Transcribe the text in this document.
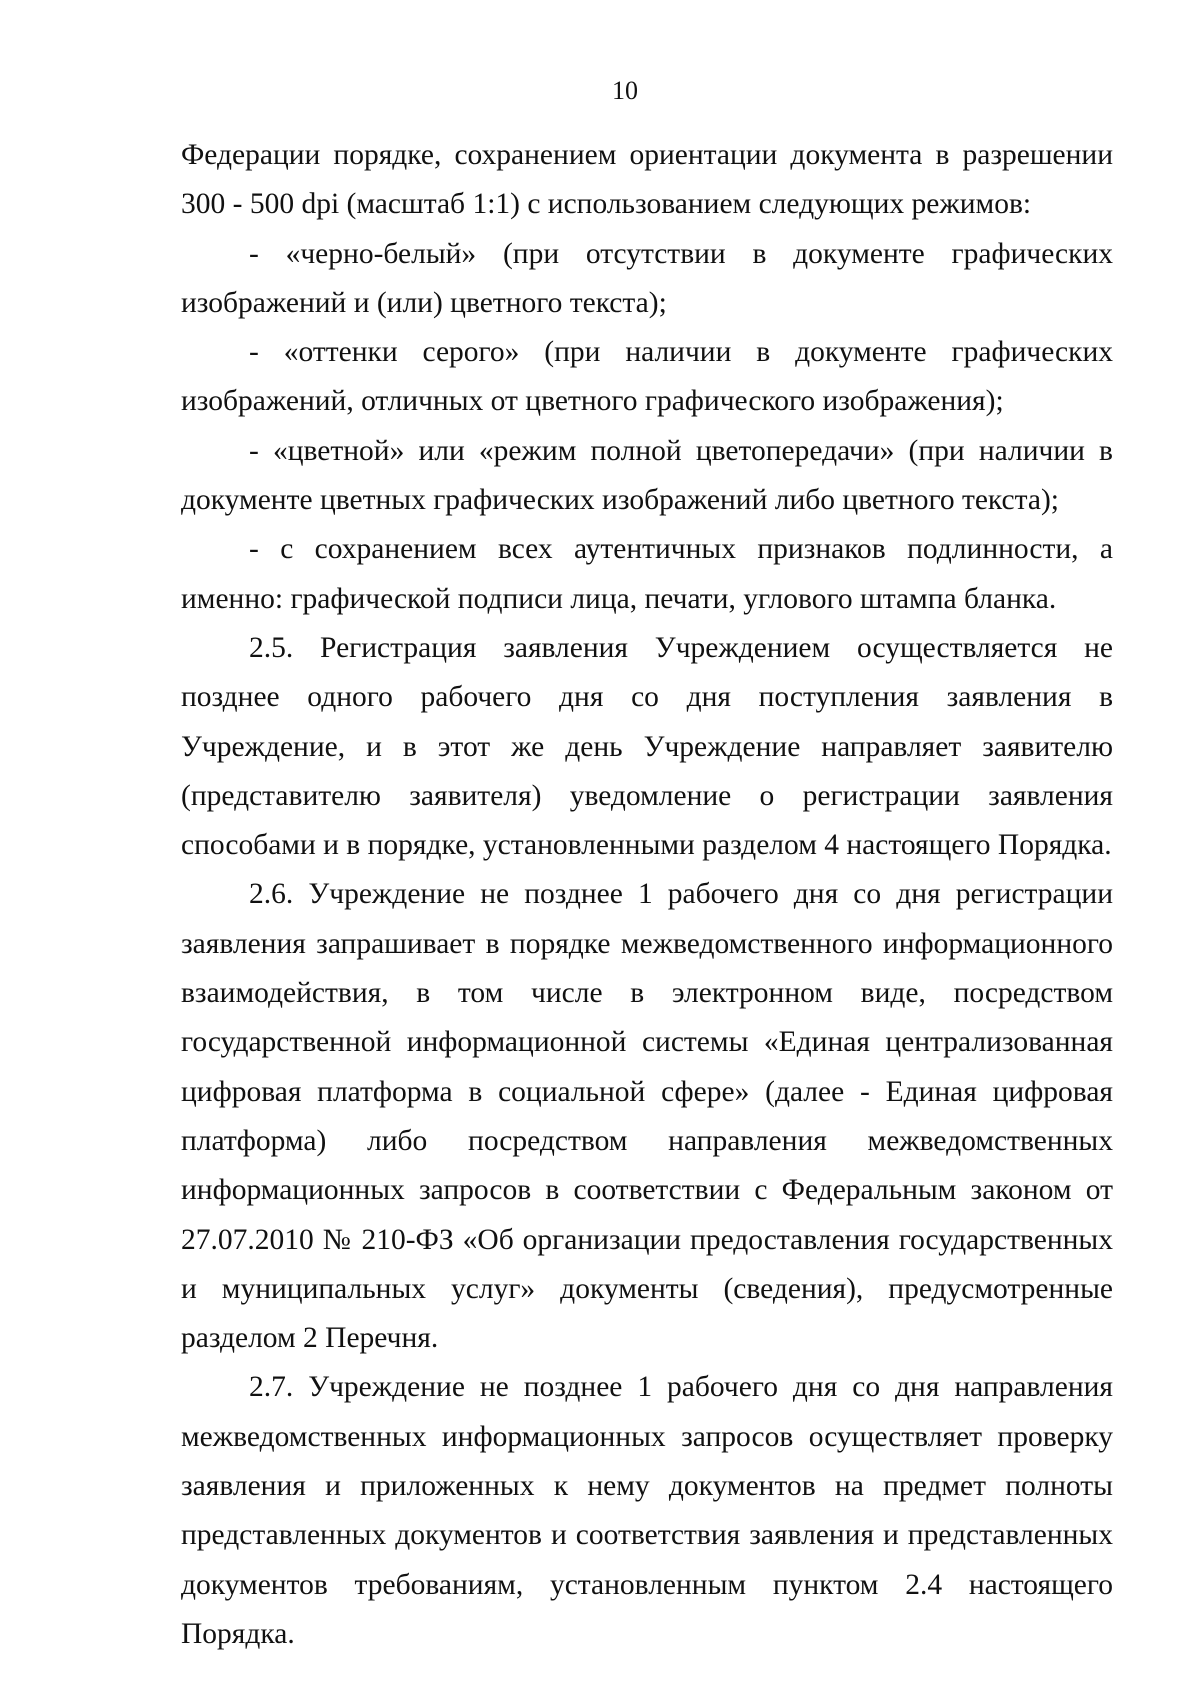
10

Федерации порядке, сохранением ориентации документа в разрешении 300 - 500 dpi (масштаб 1:1) с использованием следующих режимов:

- «черно-белый» (при отсутствии в документе графических изображений и (или) цветного текста);

- «оттенки серого» (при наличии в документе графических изображений, отличных от цветного графического изображения);

- «цветной» или «режим полной цветопередачи» (при наличии в документе цветных графических изображений либо цветного текста);

- с сохранением всех аутентичных признаков подлинности, а именно: графической подписи лица, печати, углового штампа бланка.

2.5. Регистрация заявления Учреждением осуществляется не позднее одного рабочего дня со дня поступления заявления в Учреждение, и в этот же день Учреждение направляет заявителю (представителю заявителя) уведомление о регистрации заявления способами и в порядке, установленными разделом 4 настоящего Порядка.

2.6. Учреждение не позднее 1 рабочего дня со дня регистрации заявления запрашивает в порядке межведомственного информационного взаимодействия, в том числе в электронном виде, посредством государственной информационной системы «Единая централизованная цифровая платформа в социальной сфере» (далее - Единая цифровая платформа) либо посредством направления межведомственных информационных запросов в соответствии с Федеральным законом от 27.07.2010 № 210-ФЗ «Об организации предоставления государственных и муниципальных услуг» документы (сведения), предусмотренные разделом 2 Перечня.

2.7. Учреждение не позднее 1 рабочего дня со дня направления межведомственных информационных запросов осуществляет проверку заявления и приложенных к нему документов на предмет полноты представленных документов и соответствия заявления и представленных документов требованиям, установленным пунктом 2.4 настоящего Порядка.
